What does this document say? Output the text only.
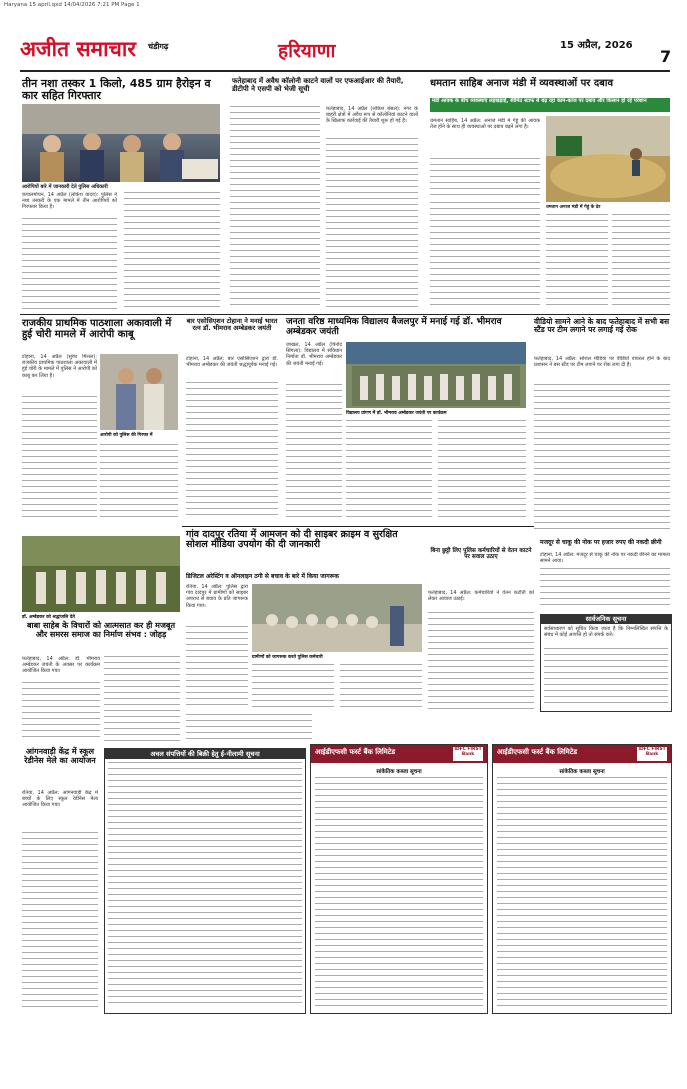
Haryana 15 april.qxd 14/04/2026 7:21 PM Page 1
अजीत समाचार चंडीगढ़	हरियाणा	15 अप्रैल, 2026
7
तीन नशा तस्कर 1 किलो, 485 ग्राम हैरोइन व कार सहित गिरफ्तार
आरोपियों बारे में जानकारी देते पुलिस अधिकारी
कपालमोचन, 14 अप्रैल (लोकेश यादव): पुलिस ने नशा तस्करी के एक मामले में तीन आरोपियों को गिरफ्तार किया है।
फतेहाबाद में अवैध कॉलोनी काटने वालों पर एफआईआर की तैयारी, डीटीपी ने एसपी को भेजी सूची
फतेहाबाद, 14 अप्रैल (लोकेश बंसल): नगर के बाहरी क्षेत्रों में अवैध रूप से कॉलोनियां काटने वालों के खिलाफ कार्रवाई की तैयारी शुरू हो गई है।
धमतान साहिब अनाज मंडी में व्यवस्थाओं पर दबाव
मंडी आवक के बीच व्यवस्थाएं लड़खड़ाई, सीमित स्टाफ से बढ़ रहा काम-काज पर दबाव और किसान हो रहे परेशान
धमतान साहिब, 14 अप्रैल: अनाज मंडी में गेहूं की आवक तेज होने के साथ ही व्यवस्थाओं पर दबाव बढ़ने लगा है।
धमतान अनाज मंडी में गेहूं के ढेर
राजकीय प्राथमिक पाठशाला अकावाली में हुई चोरी मामले में आरोपी काबू
टोहाना, 14 अप्रैल (सुरेश मित्तल): राजकीय प्राथमिक पाठशाला अकावाली में हुई चोरी के मामले में पुलिस ने आरोपी को काबू कर लिया है।
आरोपी को पुलिस की गिरफ्त में
बार एसोसिएशन टोहाना ने मनाई भारत रत्न डॉ. भीमराव अम्बेडकर जयंती
टोहाना, 14 अप्रैल: बार एसोसिएशन द्वारा डॉ. भीमराव अम्बेडकर की जयंती श्रद्धापूर्वक मनाई गई।
जनता वरिष्ठ माध्यमिक विद्यालय बैजलपुर में मनाई गई डॉ. भीमराव अम्बेडकर जयंती
विद्यालय प्रांगण में डॉ. भीमराव अम्बेडकर जयंती पर कार्यक्रम
जाखल, 14 अप्रैल (विनोद सिंगला): विद्यालय में संविधान निर्माता डॉ. भीमराव अम्बेडकर की जयंती मनाई गई।
वीडियो सामने आने के बाद फतेहाबाद में सभी बस स्टैंड पर टीम लगाने पर लगाई गई रोक
फतेहाबाद, 14 अप्रैल: सोशल मीडिया पर वीडियो वायरल होने के बाद प्रशासन ने बस स्टैंड पर टीम लगाने पर रोक लगा दी है।
गांव दादपुर रतिया में आमजन को दी साइबर क्राइम व सुरक्षित सोशल मीडिया उपयोग की दी जानकारी
डिजिटल अरेस्टिंग व ऑनलाइन ठगी से बचाव के बारे में किया जागरूक
रतिया, 14 अप्रैल: पुलिस द्वारा गांव दादपुर में ग्रामीणों को साइबर अपराध से बचाव के प्रति जागरूक किया गया।
ग्रामीणों को जागरूक करते पुलिस कर्मचारी
बिना छुट्टी लिए पुलिस कर्मचारियों से वेतन काटने पर सवाल उठाए
फतेहाबाद, 14 अप्रैल: कर्मचारियों ने वेतन कटौती को लेकर आवाज उठाई।
मजदूर से चाकू की नोक पर हजार रुपए की नकदी छीनी
टोहाना, 14 अप्रैल: मजदूर से चाकू की नोक पर नकदी छीनने का मामला सामने आया।
सार्वजनिक सूचना
सर्वसाधारण को सूचित किया जाता है कि निम्नलिखित संपत्ति के संबंध में कोई आपत्ति हो तो संपर्क करें।
डॉ. अम्बेडकर को श्रद्धांजलि देते
बाबा साहेब के विचारों को आत्मसात कर ही मजबूत और समरस समाज का निर्माण संभव : जोहड़
फतेहाबाद, 14 अप्रैल: डॉ. भीमराव अम्बेडकर जयंती के अवसर पर कार्यक्रम आयोजित किया गया।
आंगनवाड़ी केंद्र में स्कूल रेडीनेस मेले का आयोजन
रतिया, 14 अप्रैल: आंगनवाड़ी केंद्र में बच्चों के लिए स्कूल रेडीनेस मेला आयोजित किया गया।
अचल संपत्तियों की बिक्री हेतु ई-नीलामी सूचना	आईडीएफसी फर्स्ट बैंक लिमिटेड	IDFC FIRST Bank
सांकेतिक कब्जा सूचना
आईडीएफसी फर्स्ट बैंक लिमिटेड	IDFC FIRST Bank
सांकेतिक कब्जा सूचना
